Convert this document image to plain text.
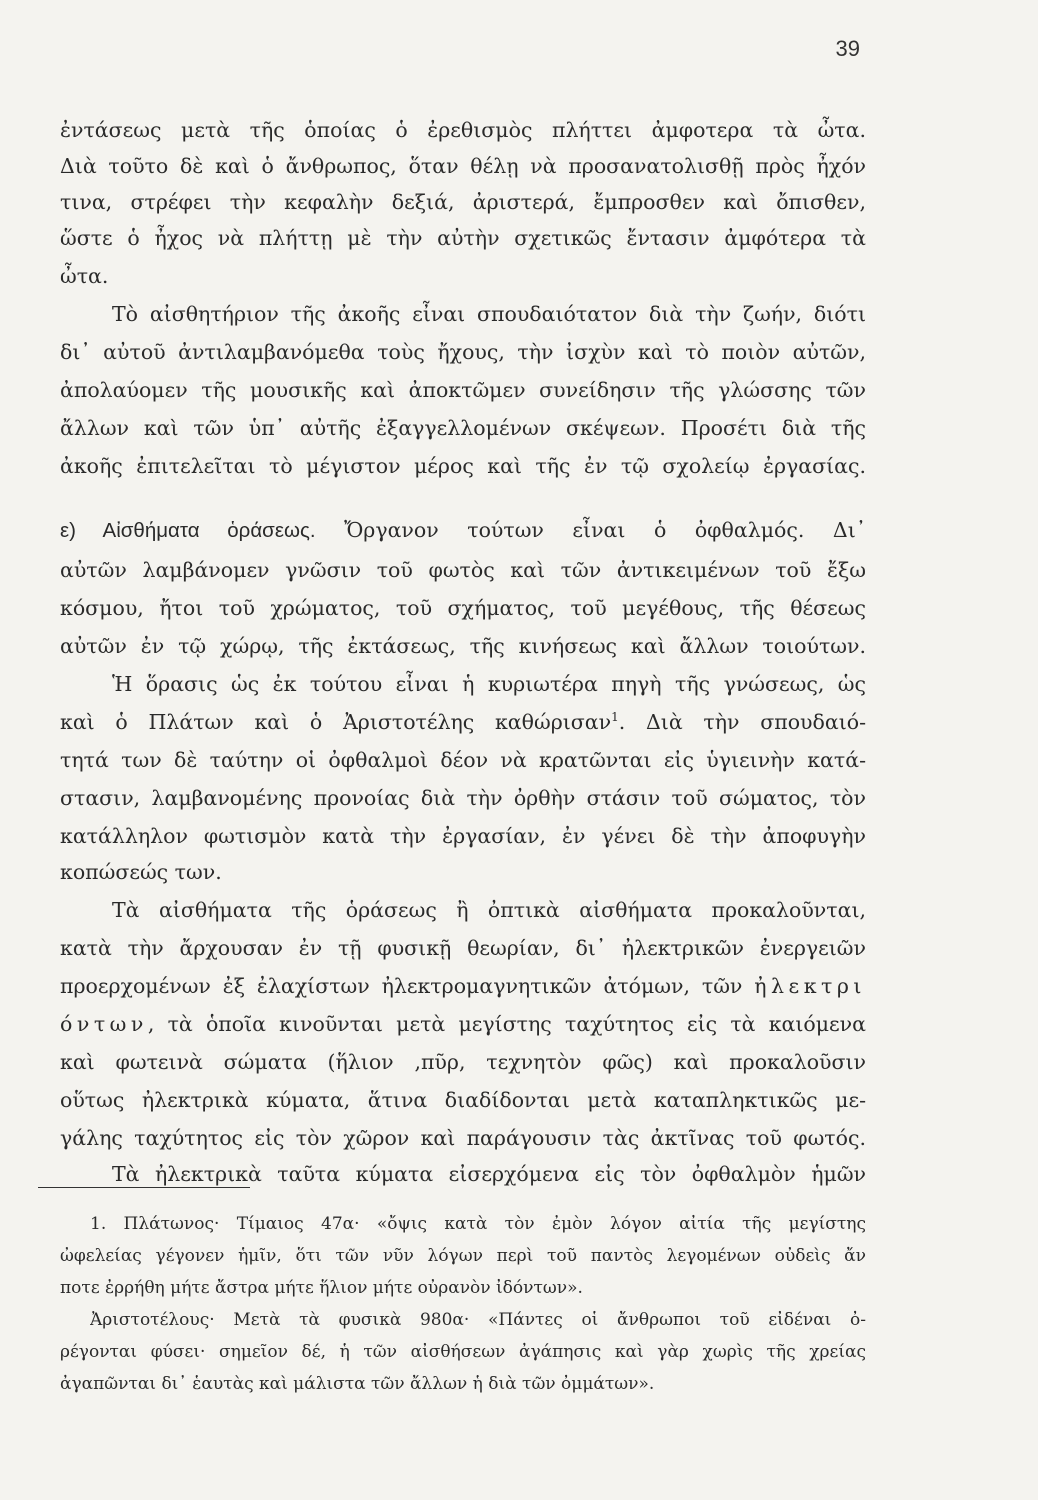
39
ἐντάσεως μετὰ τῆς ὁποίας ὁ ἐρεθισμὸς πλήττει ἀμφοτερα τὰ ὦτα.
Διὰ τοῦτο δὲ καὶ ὁ ἄνθρωπος, ὅταν θέλῃ νὰ προσανατολισθῇ πρὸς ἦχόν
τινα, στρέφει τὴν κεφαλὴν δεξιά, ἀριστερά, ἔμπροσθεν καὶ ὄπισθεν,
ὥστε ὁ ἦχος νὰ πλήττῃ μὲ τὴν αὐτὴν σχετικῶς ἔντασιν ἀμφότερα τὰ
ὦτα.
Τὸ αἰσθητήριον τῆς ἀκοῆς εἶναι σπουδαιότατον διὰ τὴν ζωήν, διότι
δι᾽ αὐτοῦ ἀντιλαμβανόμεθα τοὺς ἤχους, τὴν ἰσχὺν καὶ τὸ ποιὸν αὐτῶν,
ἀπολαύομεν τῆς μουσικῆς καὶ ἀποκτῶμεν συνείδησιν τῆς γλώσσης τῶν
ἄλλων καὶ τῶν ὑπ᾽ αὐτῆς ἐξαγγελλομένων σκέψεων. Προσέτι διὰ τῆς
ἀκοῆς ἐπιτελεῖται τὸ μέγιστον μέρος καὶ τῆς ἐν τῷ σχολείῳ ἐργασίας.
ε) Αἰσθήματα ὁράσεως. Ὄργανον τούτων εἶναι ὁ ὀφθαλμός. Δι᾽
αὐτῶν λαμβάνομεν γνῶσιν τοῦ φωτὸς καὶ τῶν ἀντικειμένων τοῦ ἔξω
κόσμου, ἤτοι τοῦ χρώματος, τοῦ σχήματος, τοῦ μεγέθους, τῆς θέσεως
αὐτῶν ἐν τῷ χώρῳ, τῆς ἐκτάσεως, τῆς κινήσεως καὶ ἄλλων τοιούτων.
Ἡ ὅρασις ὡς ἐκ τούτου εἶναι ἡ κυριωτέρα πηγὴ τῆς γνώσεως, ὡς
καὶ ὁ Πλάτων καὶ ὁ Ἀριστοτέλης καθώρισαν$^1$. Διὰ τὴν σπουδαιό-
τητά των δὲ ταύτην οἱ ὀφθαλμοὶ δέον νὰ κρατῶνται εἰς ὑγιεινὴν κατά-
στασιν, λαμβανομένης προνοίας διὰ τὴν ὀρθὴν στάσιν τοῦ σώματος, τὸν
κατάλληλον φωτισμὸν κατὰ τὴν ἐργασίαν, ἐν γένει δὲ τὴν ἀποφυγὴν
κοπώσεώς των.
Τὰ αἰσθήματα τῆς ὁράσεως ἢ ὀπτικὰ αἰσθήματα προκαλοῦνται,
κατὰ τὴν ἄρχουσαν ἐν τῇ φυσικῇ θεωρίαν, δι᾽ ἠλεκτρικῶν ἐνεργειῶν
προερχομένων ἐξ ἐλαχίστων ἠλεκτρομαγνητικῶν ἀτόμων, τῶν ἠλεκτρι
όντων, τὰ ὁποῖα κινοῦνται μετὰ μεγίστης ταχύτητος εἰς τὰ καιόμενα
καὶ φωτεινὰ σώματα (ἥλιον ,πῦρ, τεχνητὸν φῶς) καὶ προκαλοῦσιν
οὕτως ἠλεκτρικὰ κύματα, ἅτινα διαδίδονται μετὰ καταπληκτικῶς με-
γάλης ταχύτητος εἰς τὸν χῶρον καὶ παράγουσιν τὰς ἀκτῖνας τοῦ φωτός.
Τὰ ἠλεκτρικὰ ταῦτα κύματα εἰσερχόμενα εἰς τὸν ὀφθαλμὸν ἡμῶν
1. Πλάτωνος· Τίμαιος 47α· «ὄψις κατὰ τὸν ἐμὸν λόγον αἰτία τῆς μεγίστης
ὠφελείας γέγονεν ἡμῖν, ὅτι τῶν νῦν λόγων περὶ τοῦ παντὸς λεγομένων οὐδεὶς ἄν
ποτε ἐρρήθη μήτε ἄστρα μήτε ἥλιον μήτε οὐρανὸν ἰδόντων».
Ἀριστοτέλους· Μετὰ τὰ φυσικὰ 980α· «Πάντες οἱ ἄνθρωποι τοῦ εἰδέναι ὀ-
ρέγονται φύσει· σημεῖον δέ, ἡ τῶν αἰσθήσεων ἀγάπησις καὶ γὰρ χωρὶς τῆς χρείας
ἀγαπῶνται δι᾽ ἑαυτὰς καὶ μάλιστα τῶν ἄλλων ἡ διὰ τῶν ὀμμάτων».
